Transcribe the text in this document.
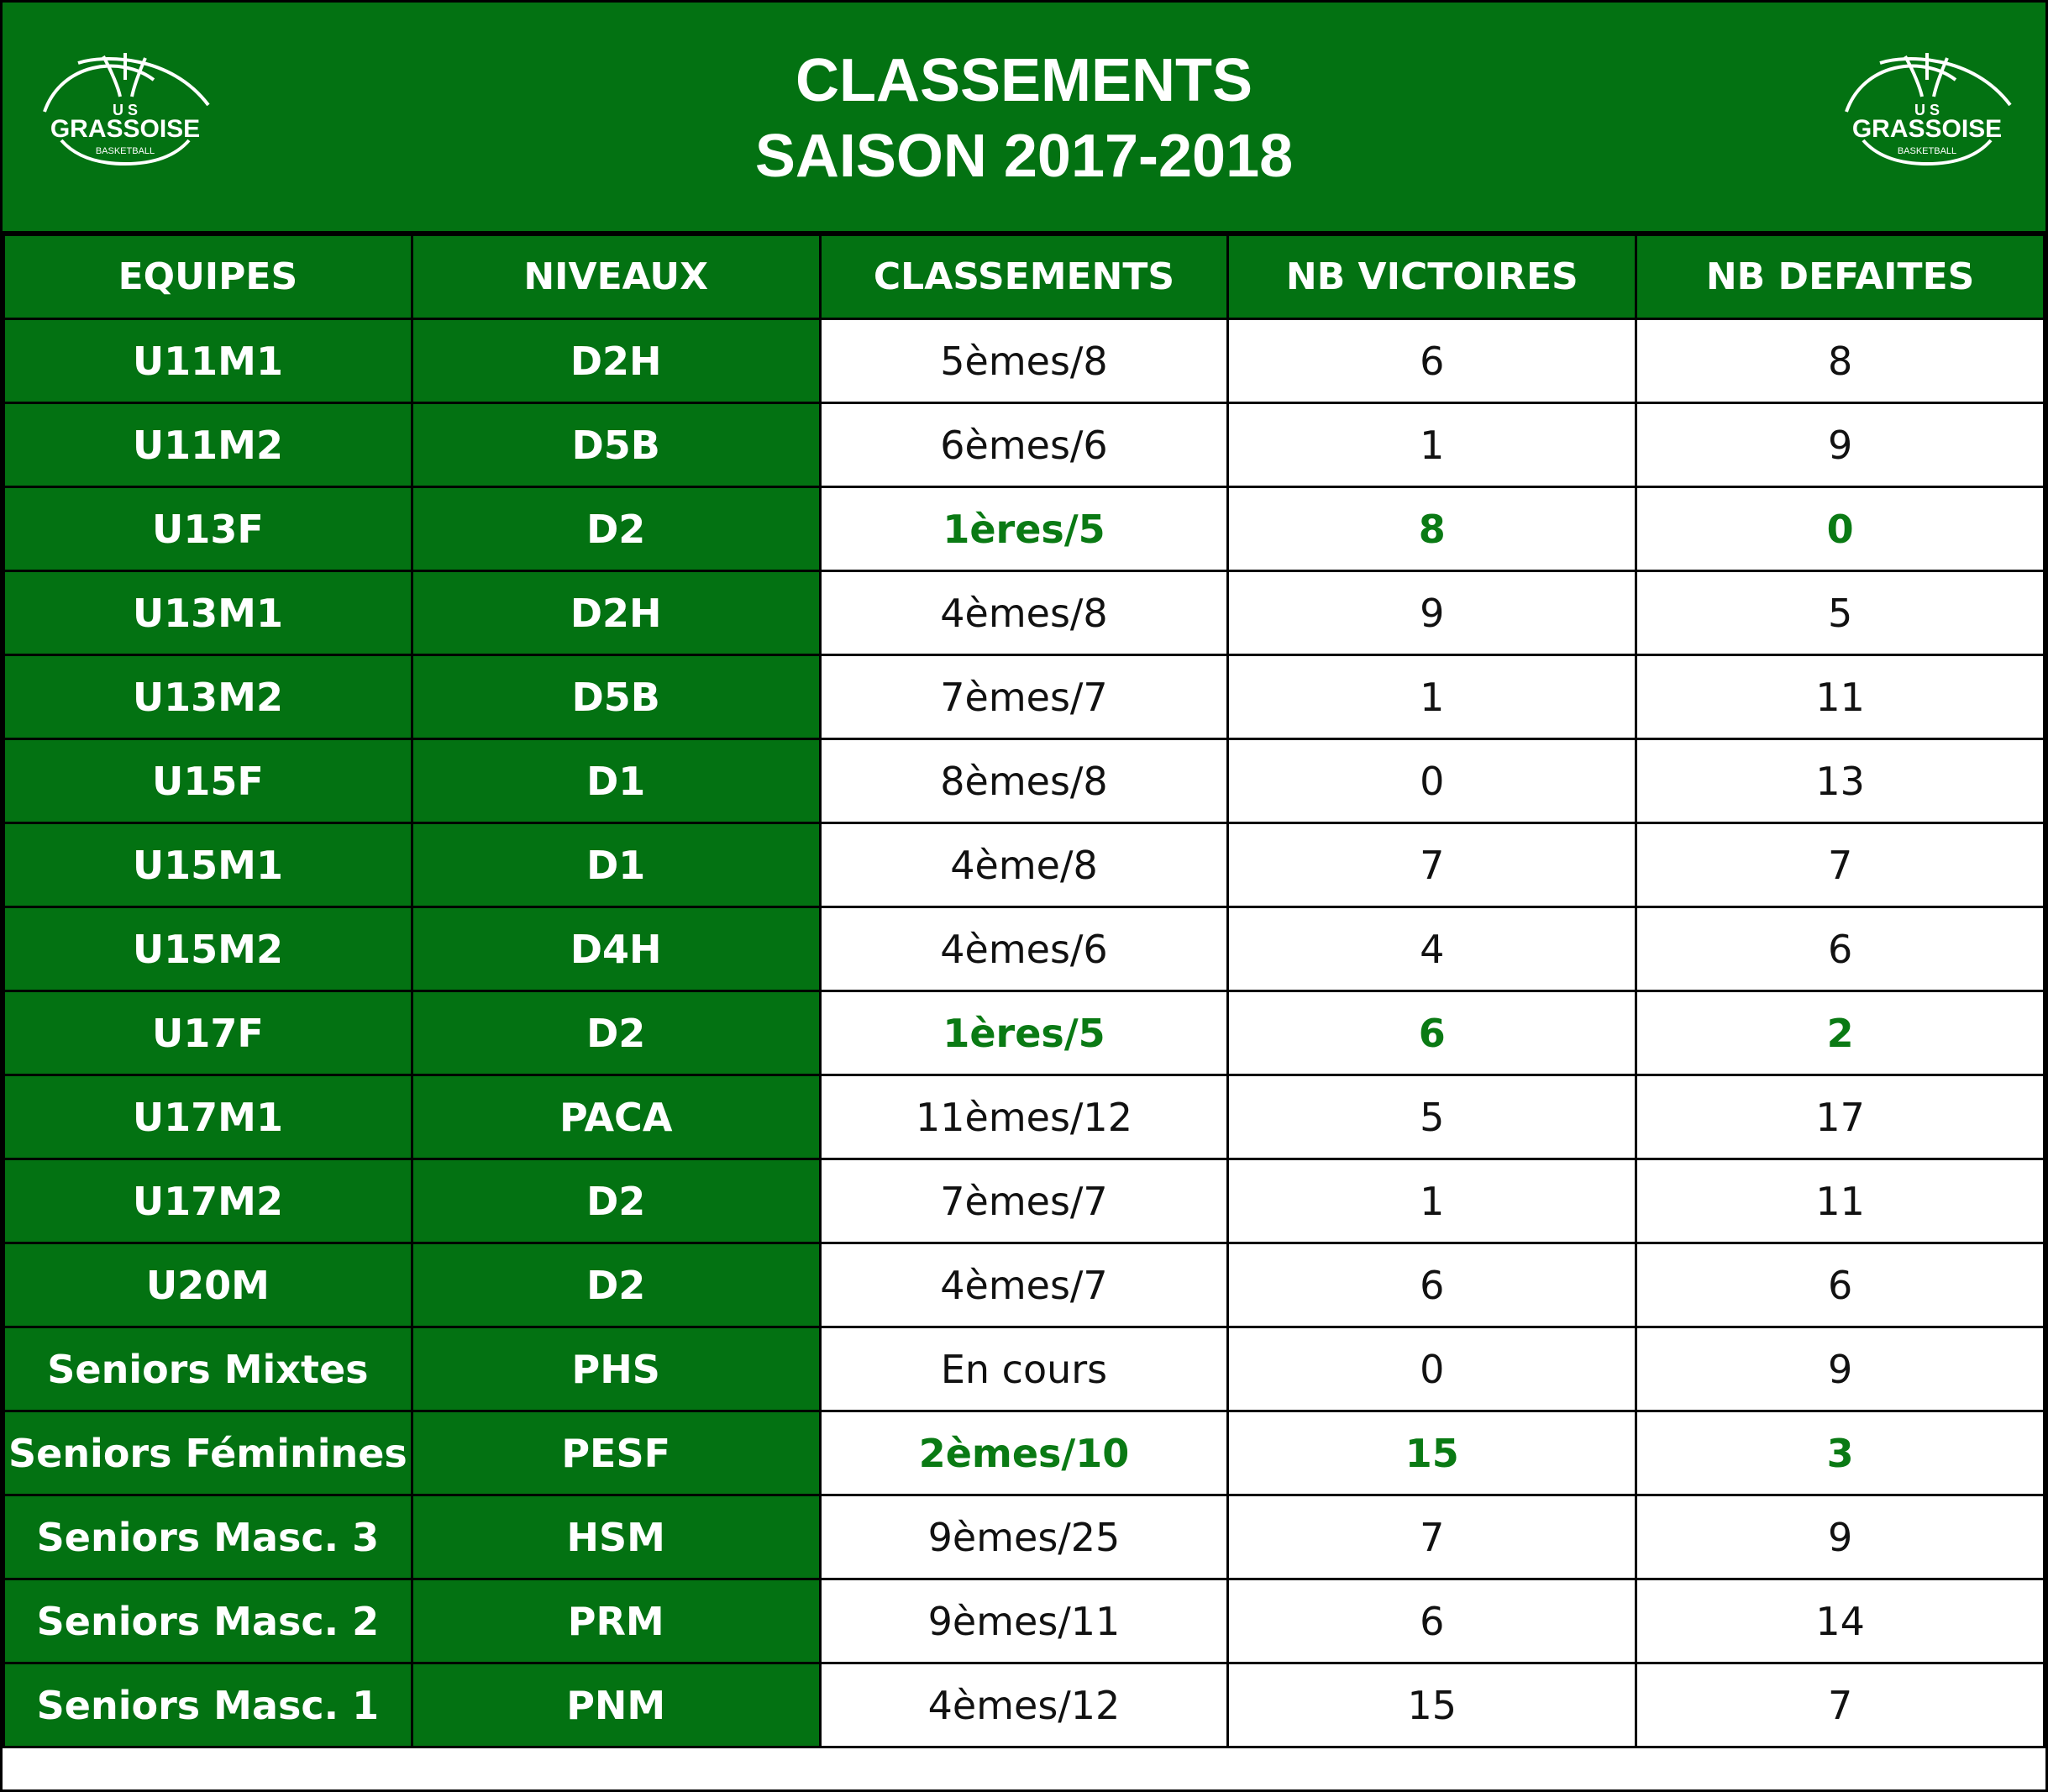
U S
GRASSOISE
BASKETBALL
CLASSEMENTS
SAISON 2017-2018
U S
GRASSOISE
BASKETBALL
EQUIPES	NIVEAUX	CLASSEMENTS	NB VICTOIRES	NB DEFAITES
U11M1	D2H	5èmes/8	6	8
U11M2	D5B	6èmes/6	1	9
U13F	D2	1ères/5	8	0
U13M1	D2H	4èmes/8	9	5
U13M2	D5B	7èmes/7	1	11
U15F	D1	8èmes/8	0	13
U15M1	D1	4ème/8	7	7
U15M2	D4H	4èmes/6	4	6
U17F	D2	1ères/5	6	2
U17M1	PACA	11èmes/12	5	17
U17M2	D2	7èmes/7	1	11
U20M	D2	4èmes/7	6	6
Seniors Mixtes	PHS	En cours	0	9
Seniors Féminines	PESF	2èmes/10	15	3
Seniors Masc. 3	HSM	9èmes/25	7	9
Seniors Masc. 2	PRM	9èmes/11	6	14
Seniors Masc. 1	PNM	4èmes/12	15	7
